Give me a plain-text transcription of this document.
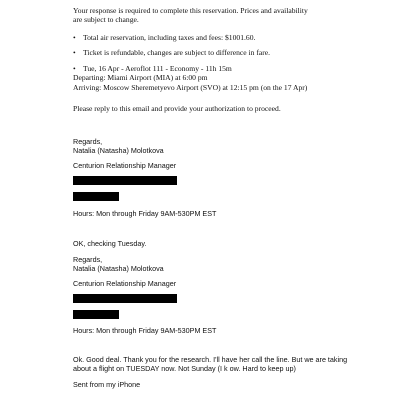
Your response is required to complete this reservation. Prices and availability
are subject to change.
• Total air reservation, including taxes and fees: $1001.60.
• Ticket is refundable, changes are subject to difference in fare.
• Tue, 16 Apr - Aeroflot 111 - Economy - 11h 15m
Departing: Miami Airport (MIA) at 6:00 pm
Arriving: Moscow Sheremetyevo Airport (SVO) at 12:15 pm (on the 17 Apr)
Please reply to this email and provide your authorization to proceed.
Regards,
Natalia (Natasha) Molotkova
Centurion Relationship Manager
Hours: Mon through Friday 9AM-530PM EST
OK, checking Tuesday.
Regards,
Natalia (Natasha) Molotkova
Centurion Relationship Manager
Hours: Mon through Friday 9AM-530PM EST
Ok. Good deal. Thank you for the research. I'll have her call the line. But we are taking
about a flight on TUESDAY now. Not Sunday (I k ow. Hard to keep up)
Sent from my iPhone
